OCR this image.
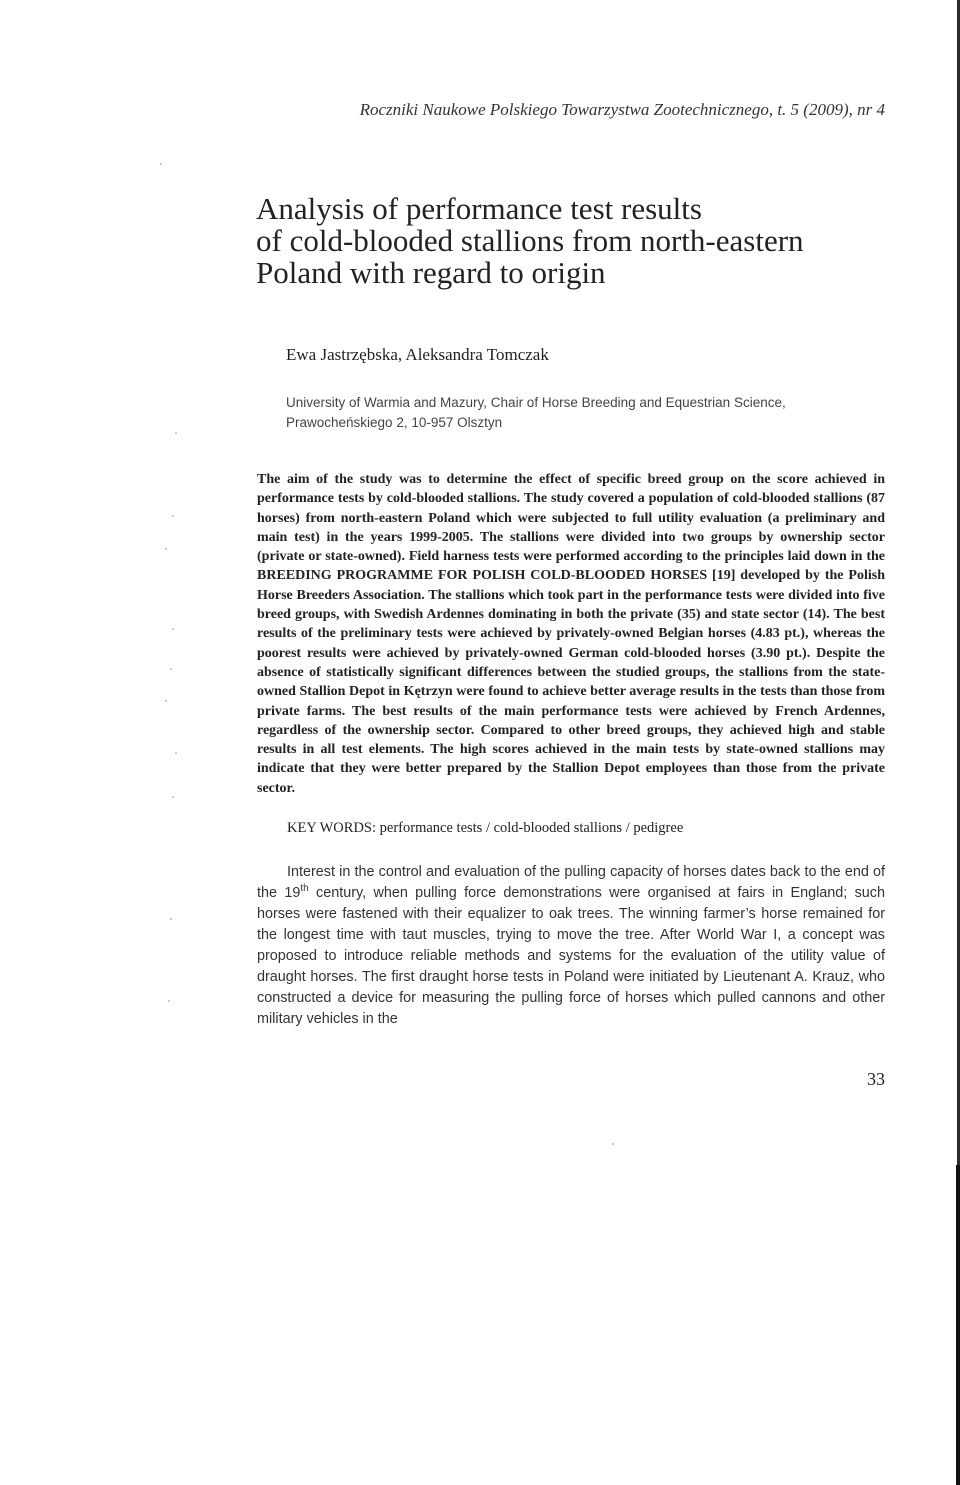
Roczniki Naukowe Polskiego Towarzystwa Zootechnicznego, t. 5 (2009), nr 4

Analysis of performance test results
of cold-blooded stallions from north-eastern
Poland with regard to origin
Ewa Jastrzębska, Aleksandra Tomczak

University of Warmia and Mazury, Chair of Horse Breeding and Equestrian Science,
Prawocheńskiego 2, 10-957 Olsztyn

The aim of the study was to determine the effect of specific breed group on the score achieved in performance tests by cold-blooded stallions. The study covered a population of cold-blooded stallions (87 horses) from north-eastern Poland which were subjected to full utility evaluation (a preliminary and main test) in the years 1999-2005. The stallions were divided into two groups by ownership sector (private or state-owned). Field harness tests were performed according to the principles laid down in the BREEDING PROGRAMME FOR POLISH COLD-BLOODED HORSES [19] developed by the Polish Horse Breeders Association. The stallions which took part in the performance tests were divided into five breed groups, with Swedish Ardennes dominating in both the private (35) and state sector (14). The best results of the preliminary tests were achieved by privately-owned Belgian horses (4.83 pt.), whereas the poorest results were achieved by privately-owned German cold-blooded horses (3.90 pt.). Despite the absence of statistically significant differences between the studied groups, the stallions from the state-owned Stallion Depot in Kętrzyn were found to achieve better average results in the tests than those from private farms. The best results of the main performance tests were achieved by French Ardennes, regardless of the ownership sector. Compared to other breed groups, they achieved high and stable results in all test elements. The high scores achieved in the main tests by state-owned stallions may indicate that they were better prepared by the Stallion Depot employees than those from the private sector.

KEY WORDS: performance tests / cold-blooded stallions / pedigree

Interest in the control and evaluation of the pulling capacity of horses dates back to the end of the 19th century, when pulling force demonstrations were organised at fairs in England; such horses were fastened with their equalizer to oak trees. The winning farmer’s horse remained for the longest time with taut muscles, trying to move the tree. After World War I, a concept was proposed to introduce reliable methods and systems for the evaluation of the utility value of draught horses. The first draught horse tests in Poland were initiated by Lieutenant A. Krauz, who constructed a device for measuring the pulling force of horses which pulled cannons and other military vehicles in the

33
